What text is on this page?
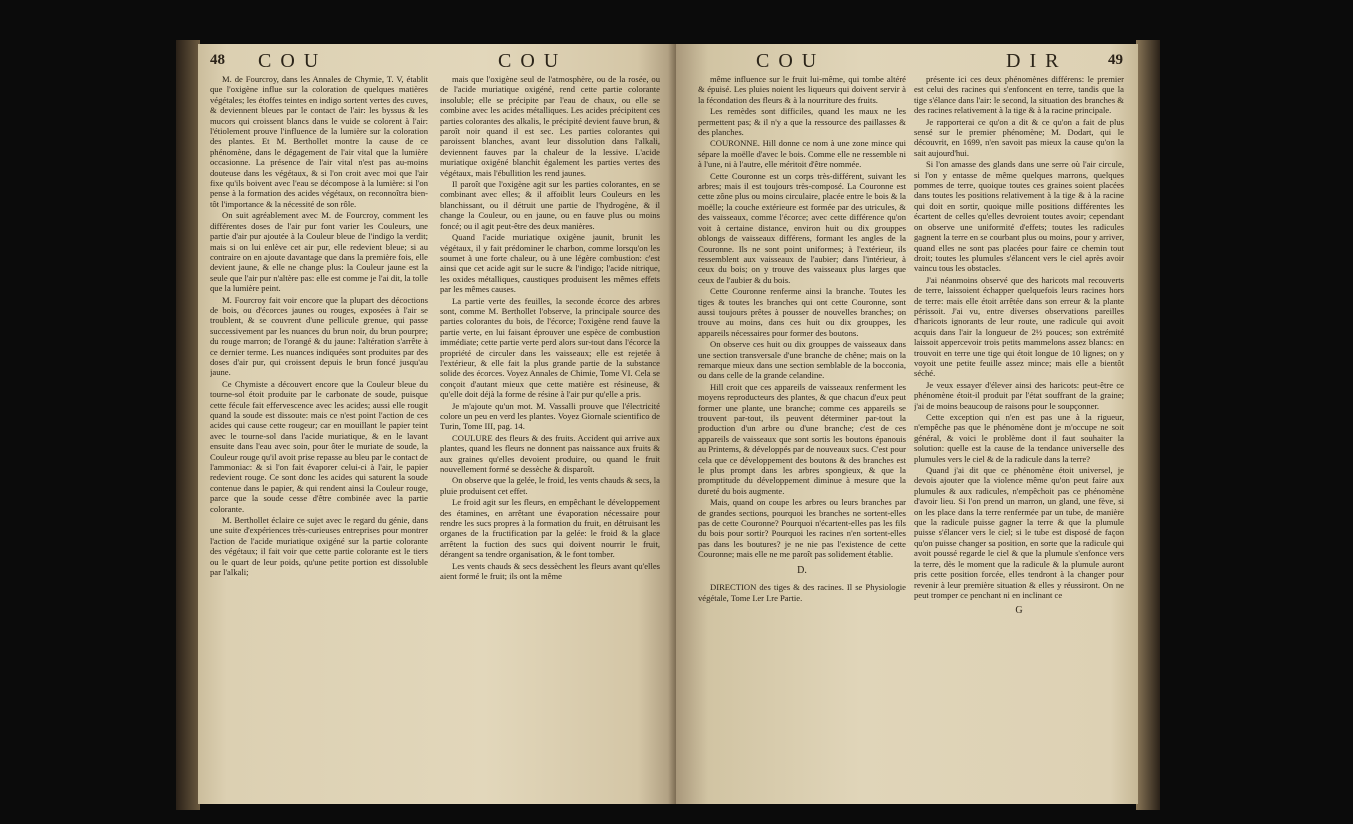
48 C O U	C O U

M. de Fourcroy, dans les Annales de Chymie, T. V, établit que l'oxigène influe sur la coloration de quelques matières végétales; les étoffes teintes en indigo sortent vertes des cuves, & deviennent bleues par le contact de l'air: les byssus & les mucors qui croissent blancs dans le vuide se colorent à l'air: l'étiolement prouve l'influence de la lumière sur la coloration des plantes. Et M. Berthollet montre la cause de ce phénomène, dans le dégagement de l'air vital que la lumière occasionne. La présence de l'air vital n'est pas au-moins douteuse dans les végétaux, & si l'on croit avec moi que l'air fixe qu'ils boivent avec l'eau se décompose à la lumière: si l'on pense à la formation des acides végétaux, on reconnoîtra bien-tôt l'importance & la nécessité de son rôle.

On suit agréablement avec M. de Fourcroy, comment les différentes doses de l'air pur font varier les Couleurs, une partie d'air pur ajoutée à la Couleur bleue de l'indigo la verdit; mais si on lui enlève cet air pur, elle redevient bleue; si au contraire on en ajoute davantage que dans la première fois, elle devient jaune, & elle ne change plus: la Couleur jaune est la seule que l'air pur n'altère pas: elle est comme je l'ai dit, la tolle que la lumière peint.

M. Fourcroy fait voir encore que la plupart des décoctions de bois, ou d'écorces jaunes ou rouges, exposées à l'air se troublent, & se couvrent d'une pellicule grenue, qui passe successivement par les nuances du brun noir, du brun pourpre; du rouge marron; de l'orangé & du jaune: l'altération s'arrête à ce dernier terme. Les nuances indiquées sont produites par des doses d'air pur, qui croissent depuis le brun foncé jusqu'au jaune.

Ce Chymiste a découvert encore que la Couleur bleue du tourne-sol étoit produite par le carbonate de soude, puisque cette fécule fait effervescence avec les acides; aussi elle rougit quand la soude est dissoute: mais ce n'est point l'action de ces acides qui cause cette rougeur; car en mouillant le papier teint avec le tourne-sol dans l'acide muriatique, & en le lavant ensuite dans l'eau avec soin, pour ôter le muriate de soude, la Couleur rouge qu'il avoit prise repasse au bleu par le contact de l'ammoniac: & si l'on fait évaporer celui-ci à l'air, le papier redevient rouge. Ce sont donc les acides qui saturent la soude contenue dans le papier, & qui rendent ainsi la Couleur rouge, parce que la soude cesse d'être combinée avec la partie colorante.

M. Berthollet éclaire ce sujet avec le regard du génie, dans une suite d'expériences très-curieuses entreprises pour montrer l'action de l'acide muriatique oxigéné sur la partie colorante des végétaux; il fait voir que cette partie colorante est le tiers ou le quart de leur poids, qu'une petite portion est dissoluble par l'alkali;

mais que l'oxigène seul de l'atmosphère, ou de la rosée, ou de l'acide muriatique oxigéné, rend cette partie colorante insoluble; elle se précipite par l'eau de chaux, ou elle se combine avec les acides métalliques. Les acides précipitent ces parties colorantes des alkalis, le précipité devient fauve brun, & paroît noir quand il est sec. Les parties colorantes qui paroissent blanches, avant leur dissolution dans l'alkali, deviennent fauves par la chaleur de la lessive. L'acide muriatique oxigéné blanchit également les parties vertes des végétaux, mais l'ébullition les rend jaunes.

Il paroît que l'oxigène agit sur les parties colorantes, en se combinant avec elles; & il affoiblit leurs Couleurs en les blanchissant, ou il détruit une partie de l'hydrogène, & il change la Couleur, ou en jaune, ou en fauve plus ou moins foncé; ou il agit peut-être des deux manières.

Quand l'acide muriatique oxigène jaunit, brunit les végétaux, il y fait prédominer le charbon, comme lorsqu'on les soumet à une forte chaleur, ou à une légère combustion: c'est ainsi que cet acide agit sur le sucre & l'indigo; l'acide nitrique, les oxides métalliques, caustiques produisent les mêmes effets par les mêmes causes.

La partie verte des feuilles, la seconde écorce des arbres sont, comme M. Berthollet l'observe, la principale source des parties colorantes du bois, de l'écorce; l'oxigène rend fauve la partie verte, en lui faisant éprouver une espèce de combustion immédiate; cette partie verte perd alors sur-tout dans l'écorce la propriété de circuler dans les vaisseaux; elle est rejetée à l'extérieur, & elle fait la plus grande partie de la substance solide des écorces. Voyez Annales de Chimie, Tome VI. Cela se conçoit d'autant mieux que cette matière est résineuse, & qu'elle doit déjà la forme de résine à l'air pur qu'elle a pris.

Je m'ajoute qu'un mot. M. Vassalli prouve que l'électricité colore un peu en verd les plantes. Voyez Giornale scientifico de Turin, Tome III, pag. 14.

COULURE des fleurs & des fruits. Accident qui arrive aux plantes, quand les fleurs ne donnent pas naissance aux fruits & aux graines qu'elles devoient produire, ou quand le fruit nouvellement formé se dessèche & disparoît.

On observe que la gelée, le froid, les vents chauds & secs, la pluie produisent cet effet.

Le froid agit sur les fleurs, en empêchant le développement des étamines, en arrêtant une évaporation nécessaire pour rendre les sucs propres à la formation du fruit, en détruisant les organes de la fructification par la gelée: le froid & la glace arrêtent la fuction des sucs qui doivent nourrir le fruit, dérangent sa tendre organisation, & le font tomber.

Les vents chauds & secs dessèchent les fleurs avant qu'elles aient formé le fruit; ils ont la même

C O U	D I R	49

même influence sur le fruit lui-même, qui tombe altéré & épuisé. Les pluies noient les liqueurs qui doivent servir à la fécondation des fleurs & à la nourriture des fruits.

Les remèdes sont difficiles, quand les maux ne les permettent pas; & il n'y a que la ressource des paillasses & des planches.

COURONNE. Hill donne ce nom à une zone mince qui sépare la moëlle d'avec le bois. Comme elle ne ressemble ni à l'une, ni à l'autre, elle méritoit d'être nommée.

Cette Couronne est un corps très-différent, suivant les arbres; mais il est toujours très-composé. La Couronne est cette zône plus ou moins circulaire, placée entre le bois & la moëlle; la couche extérieure est formée par des utricules, & des vaisseaux, comme l'écorce; avec cette différence qu'on voit à certaine distance, environ huit ou dix grouppes oblongs de vaisseaux différens, formant les angles de la Couronne. Ils ne sont point uniformes; à l'extérieur, ils ressemblent aux vaisseaux de l'aubier; dans l'intérieur, à ceux du bois; on y trouve des vaisseaux plus larges que ceux de l'aubier & du bois.

Cette Couronne renferme ainsi la branche. Toutes les tiges & toutes les branches qui ont cette Couronne, sont aussi toujours prêtes à pousser de nouvelles branches; on trouve au moins, dans ces huit ou dix grouppes, les appareils nécessaires pour former des boutons.

On observe ces huit ou dix grouppes de vaisseaux dans une section transversale d'une branche de chêne; mais on la remarque mieux dans une section semblable de la bocconia, ou dans celle de la grande celandine.

Hill croit que ces appareils de vaisseaux renferment les moyens reproducteurs des plantes, & que chacun d'eux peut former une plante, une branche; comme ces appareils se trouvent par-tout, ils peuvent déterminer par-tout la production d'un arbre ou d'une branche; c'est de ces appareils de vaisseaux que sont sortis les boutons épanouis au Printems, & développés par de nouveaux sucs. C'est pour cela que ce développement des boutons & des branches est le plus prompt dans les arbres spongieux, & que la promptitude du développement diminue à mesure que la dureté du bois augmente.

Mais, quand on coupe les arbres ou leurs branches par de grandes sections, pourquoi les branches ne sortent-elles pas de cette Couronne? Pourquoi n'écartent-elles pas les fils du bois pour sortir? Pourquoi les racines n'en sortent-elles pas dans les boutures? je ne nie pas l'existence de cette Couronne; mais elle ne me paroît pas solidement établie.

D.

DIRECTION des tiges & des racines. Il se Physiologie végétale, Tome I.er I.re Partie.

présente ici ces deux phénomènes différens: le premier est celui des racines qui s'enfoncent en terre, tandis que la tige s'élance dans l'air: le second, la situation des branches & des racines relativement à la tige & à la racine principale.

Je rapporterai ce qu'on a dit & ce qu'on a fait de plus sensé sur le premier phénomène; M. Dodart, qui le découvrit, en 1699, n'en savoit pas mieux la cause qu'on la sait aujourd'hui.

Si l'on amasse des glands dans une serre où l'air circule, si l'on y entasse de même quelques marrons, quelques pommes de terre, quoique toutes ces graines soient placées dans toutes les positions relativement à la tige & à la racine qui doit en sortir, quoique mille positions différentes les écartent de celles qu'elles devroient toutes avoir; cependant on observe une uniformité d'effets; toutes les radicules gagnent la terre en se courbant plus ou moins, pour y arriver, quand elles ne sont pas placées pour faire ce chemin tout droit; toutes les plumules s'élancent vers le ciel après avoir vaincu tous les obstacles.

J'ai néanmoins observé que des haricots mal recouverts de terre, laissoient échapper quelquefois leurs racines hors de terre: mais elle étoit arrêtée dans son erreur & la plante périssoit. J'ai vu, entre diverses observations pareilles d'haricots ignorants de leur route, une radicule qui avoit acquis dans l'air la longueur de 2½ pouces; son extrémité laissoit appercevoir trois petits mammelons assez blancs: en trouvoit en terre une tige qui étoit longue de 10 lignes; on y voyoit une petite feuille assez mince; mais elle a bientôt séché.

Je veux essayer d'élever ainsi des haricots: peut-être ce phénomène étoit-il produit par l'état souffrant de la graine; j'ai de moins beaucoup de raisons pour le soupçonner.

Cette exception qui n'en est pas une à la rigueur, n'empêche pas que le phénomène dont je m'occupe ne soit général, & voici le problème dont il faut souhaiter la solution: quelle est la cause de la tendance universelle des plumules vers le ciel & de la radicule dans la terre?

Quand j'ai dit que ce phénomène étoit universel, je devois ajouter que la violence même qu'on peut faire aux plumules & aux radicules, n'empêchoit pas ce phénomène d'avoir lieu. Si l'on prend un marron, un gland, une fève, si on les place dans la terre renfermée par un tube, de manière que la radicule puisse gagner la terre & que la plumule puisse s'élancer vers le ciel; si le tube est disposé de façon qu'on puisse changer sa position, en sorte que la radicule qui avoit poussé regarde le ciel & que la plumule s'enfonce vers la terre, dès le moment que la radicule & la plumule auront pris cette position forcée, elles tendront à la changer pour revenir à leur première situation & elles y réussiront. On ne peut tromper ce penchant ni en inclinant ce

G
